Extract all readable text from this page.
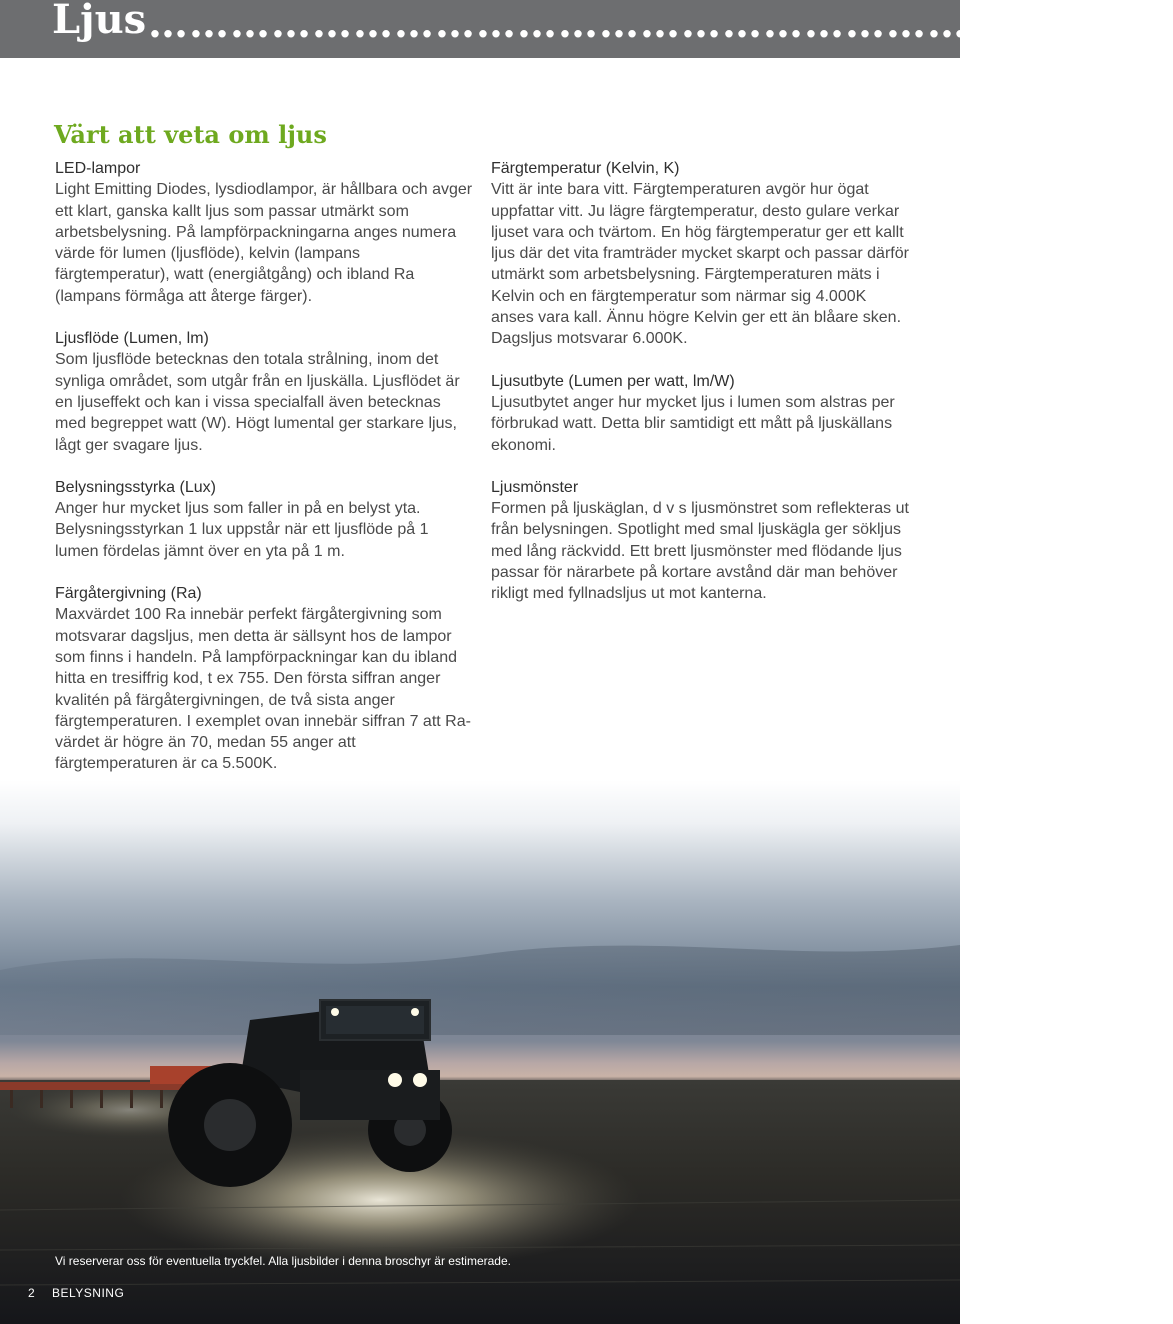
Ljus …………………………………………………………………
Värt att veta om ljus
LED-lampor

Light Emitting Diodes, lysdiodlampor, är hållbara och avger ett klart, ganska kallt ljus som passar utmärkt som arbetsbelysning. På lampförpackningarna anges numera värde för lumen (ljusflöde), kelvin (lampans färgtemperatur), watt (energiåtgång) och ibland Ra (lampans förmåga att återge färger).

Ljusflöde (Lumen, lm)

Som ljusflöde betecknas den totala strålning, inom det synliga området, som utgår från en ljuskälla. Ljusflödet är en ljuseffekt och kan i vissa specialfall även betecknas med begreppet watt (W). Högt lumental ger starkare ljus, lågt ger svagare ljus.

Belysningsstyrka (Lux)

Anger hur mycket ljus som faller in på en belyst yta. Belysningsstyrkan 1 lux uppstår när ett ljusflöde på 1 lumen fördelas jämnt över en yta på 1 m.

Färgåtergivning (Ra)

Maxvärdet 100 Ra innebär perfekt färgåtergivning som motsvarar dagsljus, men detta är sällsynt hos de lampor som finns i handeln. På lampförpackningar kan du ibland hitta en tresiffrig kod, t ex 755. Den första siffran anger kvalitén på färgåtergivningen, de två sista anger färgtemperaturen. I exemplet ovan innebär siffran 7 att Ra-värdet är högre än 70, medan 55 anger att färgtemperaturen är ca 5.500K.

Färgtemperatur (Kelvin, K)

Vitt är inte bara vitt. Färgtemperaturen avgör hur ögat uppfattar vitt. Ju lägre färgtemperatur, desto gulare verkar ljuset vara och tvärtom. En hög färgtemperatur ger ett kallt ljus där det vita framträder mycket skarpt och passar därför utmärkt som arbetsbelysning. Färgtemperaturen mäts i Kelvin och en färgtemperatur som närmar sig 4.000K anses vara kall. Ännu högre Kelvin ger ett än blåare sken. Dagsljus motsvarar 6.000K.

Ljusutbyte (Lumen per watt, lm/W)

Ljusutbytet anger hur mycket ljus i lumen som alstras per förbrukad watt. Detta blir samtidigt ett mått på ljuskällans ekonomi.

Ljusmönster

Formen på ljuskäglan, d v s ljusmönstret som reflekteras ut från belysningen. Spotlight med smal ljuskägla ger sökljus med lång räckvidd. Ett brett ljusmönster med flödande ljus passar för närarbete på kortare avstånd där man behöver rikligt med fyllnadsljus ut mot kanterna.

Vi reserverar oss för eventuella tryckfel. Alla ljusbilder i denna broschyr är estimerade.
2 BELYSNING
